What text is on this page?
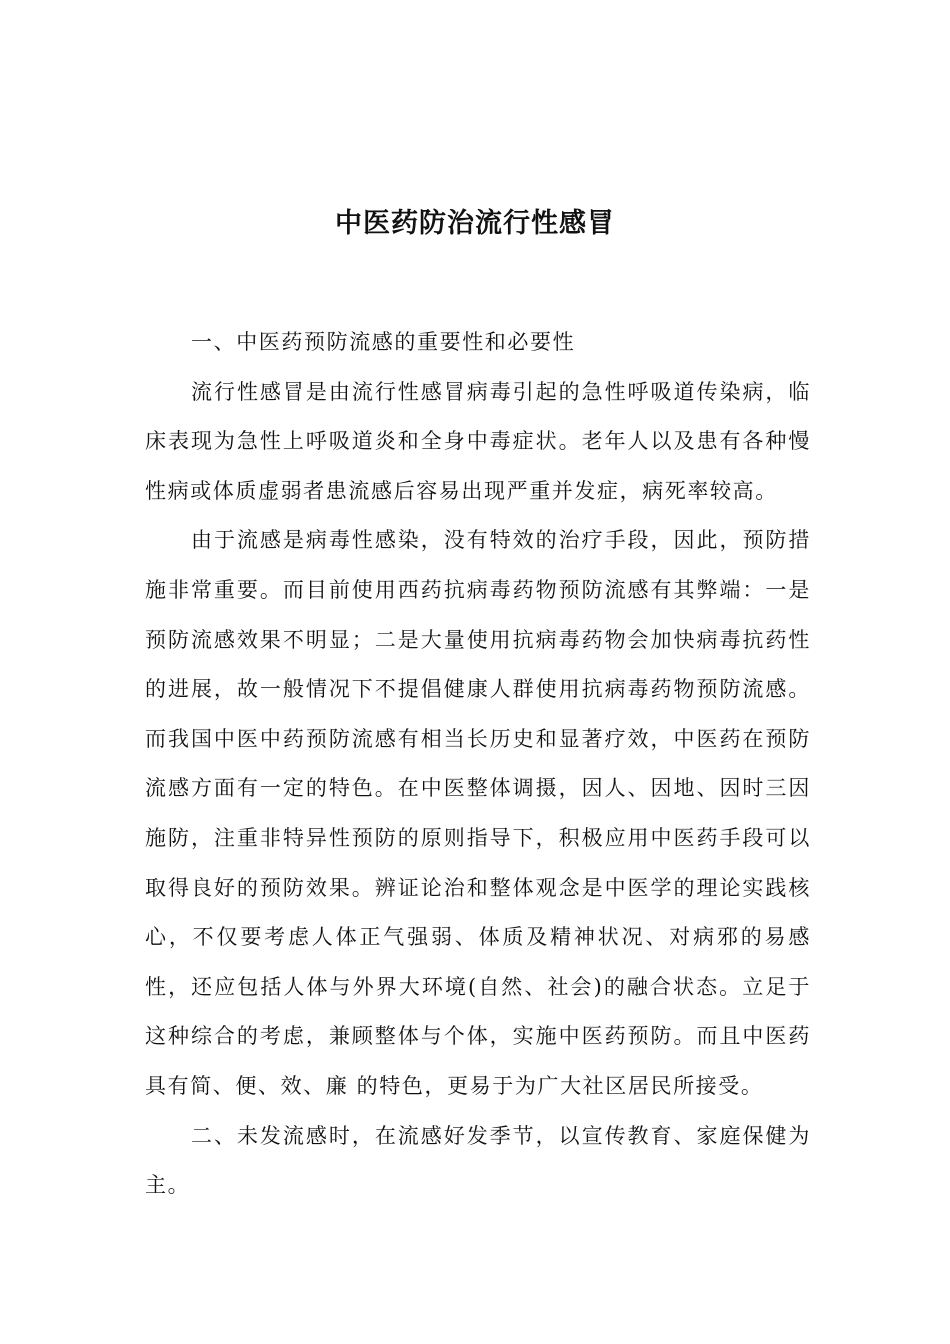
中医药防治流行性感冒

一、中医药预防流感的重要性和必要性

流行性感冒是由流行性感冒病毒引起的急性呼吸道传染病，临床表现为急性上呼吸道炎和全身中毒症状。老年人以及患有各种慢性病或体质虚弱者患流感后容易出现严重并发症，病死率较高。

由于流感是病毒性感染，没有特效的治疗手段，因此，预防措施非常重要。而目前使用西药抗病毒药物预防流感有其弊端：一是预防流感效果不明显；二是大量使用抗病毒药物会加快病毒抗药性的进展，故一般情况下不提倡健康人群使用抗病毒药物预防流感。而我国中医中药预防流感有相当长历史和显著疗效，中医药在预防流感方面有一定的特色。在中医整体调摄，因人、因地、因时三因施防，注重非特异性预防的原则指导下，积极应用中医药手段可以取得良好的预防效果。辨证论治和整体观念是中医学的理论实践核心，不仅要考虑人体正气强弱、体质及精神状况、对病邪的易感性，还应包括人体与外界大环境(自然、社会)的融合状态。立足于这种综合的考虑，兼顾整体与个体，实施中医药预防。而且中医药具有简、便、效、廉 的特色，更易于为广大社区居民所接受。

二、未发流感时，在流感好发季节，以宣传教育、家庭保健为主。
